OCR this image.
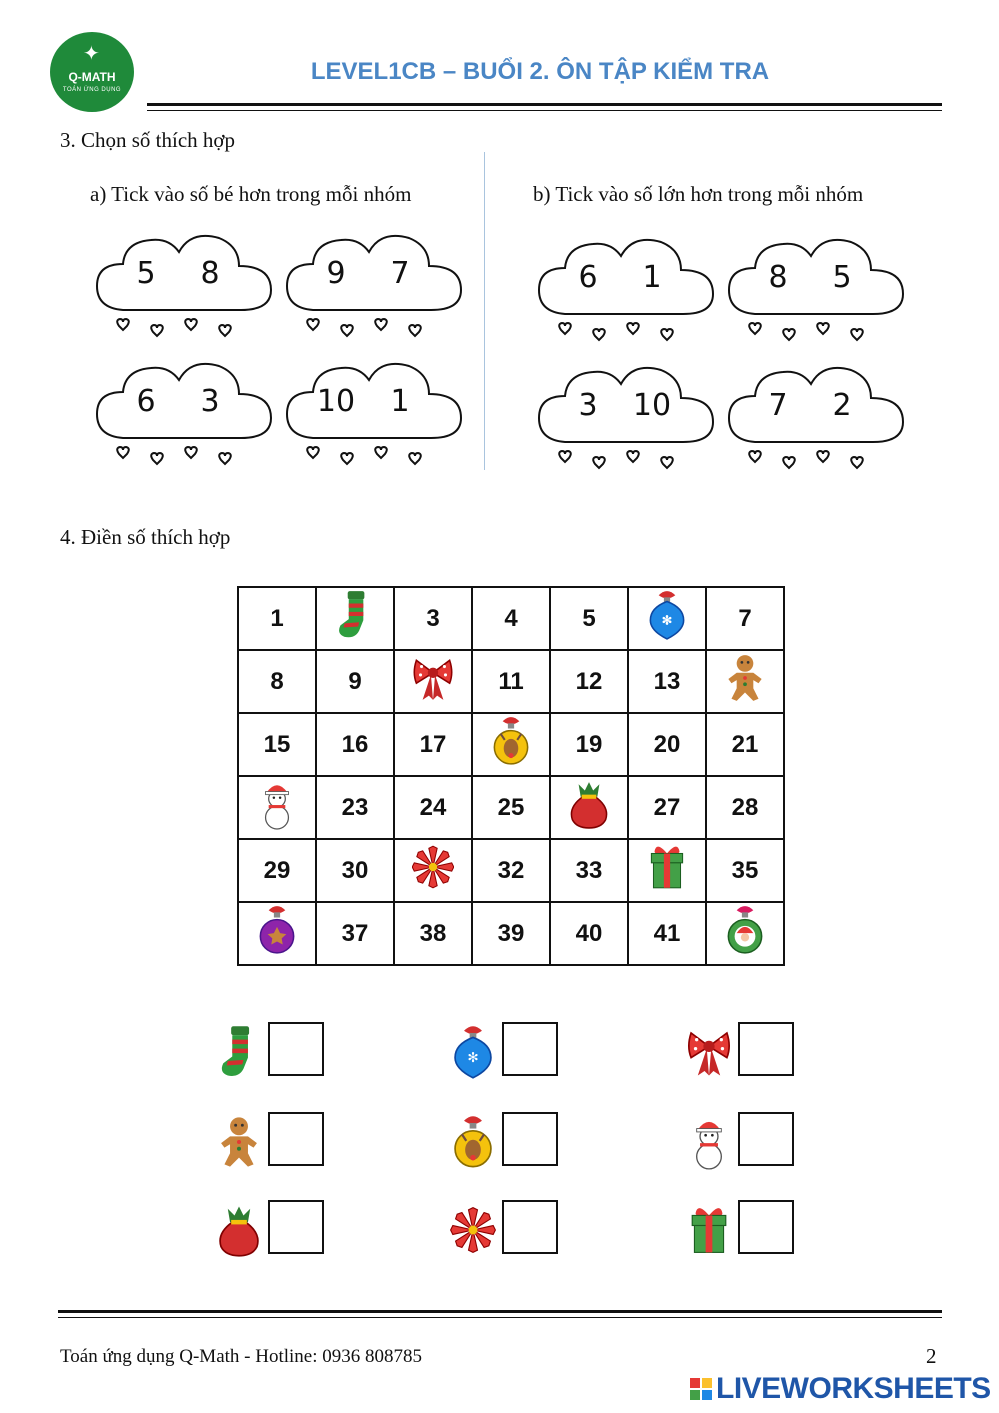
✦
Q-MATH
TOÁN ỨNG DỤNG
LEVEL1CB – BUỔI 2. ÔN TẬP KIỂM TRA
3. Chọn số thích hợp
a) Tick vào số bé hơn trong mỗi nhóm	b) Tick vào số lớn hơn trong mỗi nhóm
5	8	9	7
6	3	10	1
6	1	8	5
3	10	7	2
4. Điền số thích hợp
1		3	4	5	✻	7
8	9		11	12	13	
15	16	17		19	20	21
	23	24	25		27	28
29	30		32	33		35
	37	38	39	40	41	
✻
Toán ứng dụng Q-Math - Hotline: 0936 808785	2
LIVEWORKSHEETS
